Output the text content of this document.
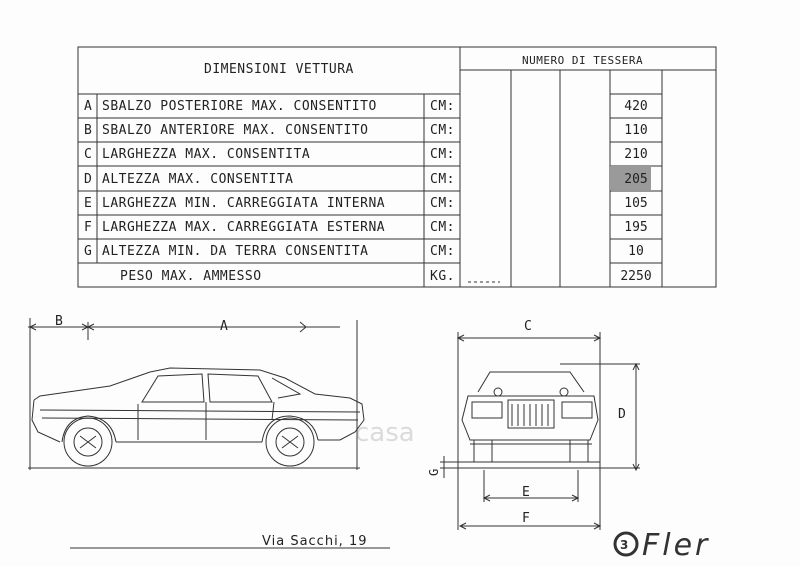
DIMENSIONI VETTURA
NUMERO DI TESSERA
A SBALZO POSTERIORE MAX. CONSENTITO	CM:	420
B SBALZO ANTERIORE MAX. CONSENTITO	CM:	110
C LARGHEZZA MAX. CONSENTITA	CM:	210
D ALTEZZA MAX. CONSENTITA	CM:	205
E LARGHEZZA MIN. CARREGGIATA INTERNA	CM:	105
F LARGHEZZA MAX. CARREGGIATA ESTERNA	CM:	195
G ALTEZZA MIN. DA TERRA CONSENTITA	CM:	10
PESO MAX. AMMESSO	KG.	2250
B	A	C
D
E
F
G
3
casa
Via Sacchi, 19	Fler
